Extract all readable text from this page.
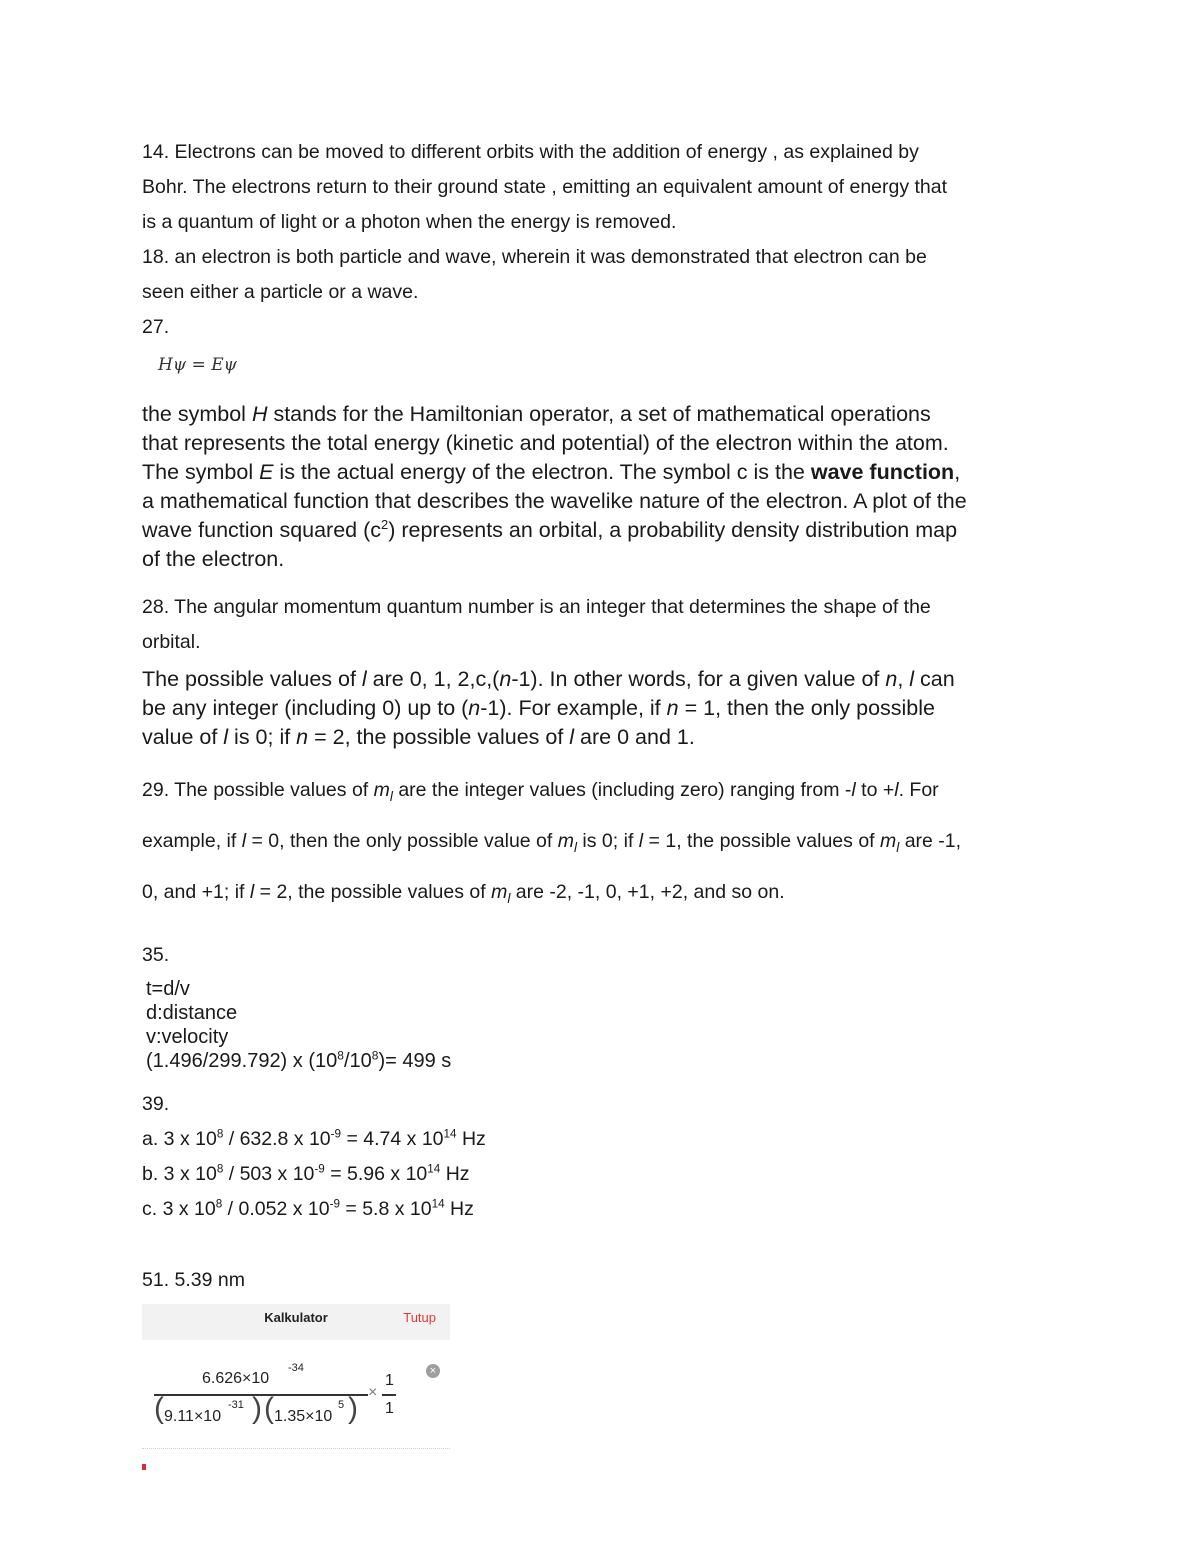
14. Electrons can be moved to different orbits with the addition of energy , as explained by
Bohr. The electrons return to their ground state , emitting an equivalent amount of energy that
is a quantum of light or a photon when the energy is removed.
18. an electron is both particle and wave, wherein it was demonstrated that electron can be
seen either a particle or a wave.
27.
Hψ = Eψ
the symbol H stands for the Hamiltonian operator, a set of mathematical operations
that represents the total energy (kinetic and potential) of the electron within the atom.
The symbol E is the actual energy of the electron. The symbol c is the wave function,
a mathematical function that describes the wavelike nature of the electron. A plot of the
wave function squared $(c^2)$ represents an orbital, a probability density distribution map
of the electron.
28. The angular momentum quantum number is an integer that determines the shape of the
orbital.
The possible values of l are 0, 1, 2,c,(n-1). In other words, for a given value of n, l can
be any integer (including 0) up to (n-1). For example, if n = 1, then the only possible
value of l is 0; if n = 2, the possible values of l are 0 and 1.
29. The possible values of $m_l$ are the integer values (including zero) ranging from -l to +l. For
example, if l = 0, then the only possible value of $m_l$ is 0; if l = 1, the possible values of $m_l$ are -1,
0, and +1; if l = 2, the possible values of $m_l$ are -2, -1, 0, +1, +2, and so on.
35.
t=d/v
d:distance
v:velocity
(1.496/299.792) x $(10^8/10^8)= 499$ s
39.
a. 3 x $10^8 / 632.8$ x $10^{-9} = 4.74$ x $10^{14}$ Hz
b. 3 x $10^8 / 503$ x $10^{-9} = 5.96$ x $10^{14}$ Hz
c. 3 x $10^8 / 0.052$ x $10^{-9} = 5.8$ x $10^{14}$ Hz
51. 5.39 nm
Kalkulator	Tutup
6.626×10
-34
( 9.11×10
-31 ) ( 1.35×10
5 ) ×
1
1
×
